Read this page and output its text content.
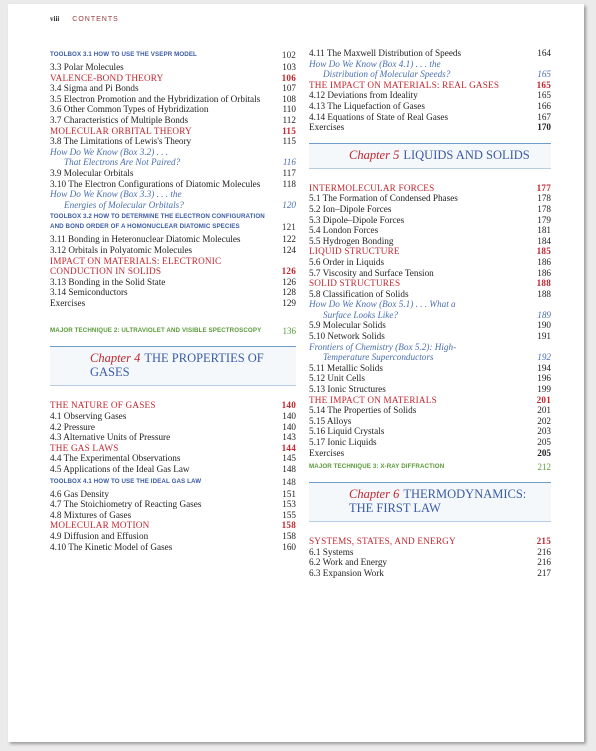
viii CONTENTS
TOOLBOX 3.1 HOW TO USE THE VSEPR MODEL	102
3.3 Polar Molecules	103
VALENCE-BOND THEORY	106
3.4 Sigma and Pi Bonds	107
3.5 Electron Promotion and the Hybridization of Orbitals	108
3.6 Other Common Types of Hybridization	110
3.7 Characteristics of Multiple Bonds	112
MOLECULAR ORBITAL THEORY	115
3.8 The Limitations of Lewis's Theory	115
How Do We Know (Box 3.2) . . .
That Electrons Are Not Paired?	116
3.9 Molecular Orbitals	117
3.10 The Electron Configurations of Diatomic Molecules	118
How Do We Know (Box 3.3) . . . the
Energies of Molecular Orbitals?	120
TOOLBOX 3.2 HOW TO DETERMINE THE ELECTRON CONFIGURATION AND BOND ORDER OF A HOMONUCLEAR DIATOMIC SPECIES	121
3.11 Bonding in Heteronuclear Diatomic Molecules	122
3.12 Orbitals in Polyatomic Molecules	124
IMPACT ON MATERIALS: ELECTRONIC CONDUCTION IN SOLIDS	126
3.13 Bonding in the Solid State	126
3.14 Semiconductors	128
Exercises	129
MAJOR TECHNIQUE 2: ULTRAVIOLET AND VISIBLE SPECTROSCOPY	136
Chapter 4 THE PROPERTIES OF GASES
THE NATURE OF GASES	140
4.1 Observing Gases	140
4.2 Pressure	140
4.3 Alternative Units of Pressure	143
THE GAS LAWS	144
4.4 The Experimental Observations	145
4.5 Applications of the Ideal Gas Law	148
TOOLBOX 4.1 HOW TO USE THE IDEAL GAS LAW	148
4.6 Gas Density	151
4.7 The Stoichiometry of Reacting Gases	153
4.8 Mixtures of Gases	155
MOLECULAR MOTION	158
4.9 Diffusion and Effusion	158
4.10 The Kinetic Model of Gases	160
4.11 The Maxwell Distribution of Speeds	164
How Do We Know (Box 4.1) . . . the
Distribution of Molecular Speeds?	165
THE IMPACT ON MATERIALS: REAL GASES	165
4.12 Deviations from Ideality	165
4.13 The Liquefaction of Gases	166
4.14 Equations of State of Real Gases	167
Exercises	170
Chapter 5 LIQUIDS AND SOLIDS
INTERMOLECULAR FORCES	177
5.1 The Formation of Condensed Phases	178
5.2 Ion–Dipole Forces	178
5.3 Dipole–Dipole Forces	179
5.4 London Forces	181
5.5 Hydrogen Bonding	184
LIQUID STRUCTURE	185
5.6 Order in Liquids	186
5.7 Viscosity and Surface Tension	186
SOLID STRUCTURES	188
5.8 Classification of Solids	188
How Do We Know (Box 5.1) . . . What a
Surface Looks Like?	189
5.9 Molecular Solids	190
5.10 Network Solids	191
Frontiers of Chemistry (Box 5.2): High-
Temperature Superconductors	192
5.11 Metallic Solids	194
5.12 Unit Cells	196
5.13 Ionic Structures	199
THE IMPACT ON MATERIALS	201
5.14 The Properties of Solids	201
5.15 Alloys	202
5.16 Liquid Crystals	203
5.17 Ionic Liquids	205
Exercises	205
MAJOR TECHNIQUE 3: X-RAY DIFFRACTION	212
Chapter 6 THERMODYNAMICS: THE FIRST LAW
SYSTEMS, STATES, AND ENERGY	215
6.1 Systems	216
6.2 Work and Energy	216
6.3 Expansion Work	217
